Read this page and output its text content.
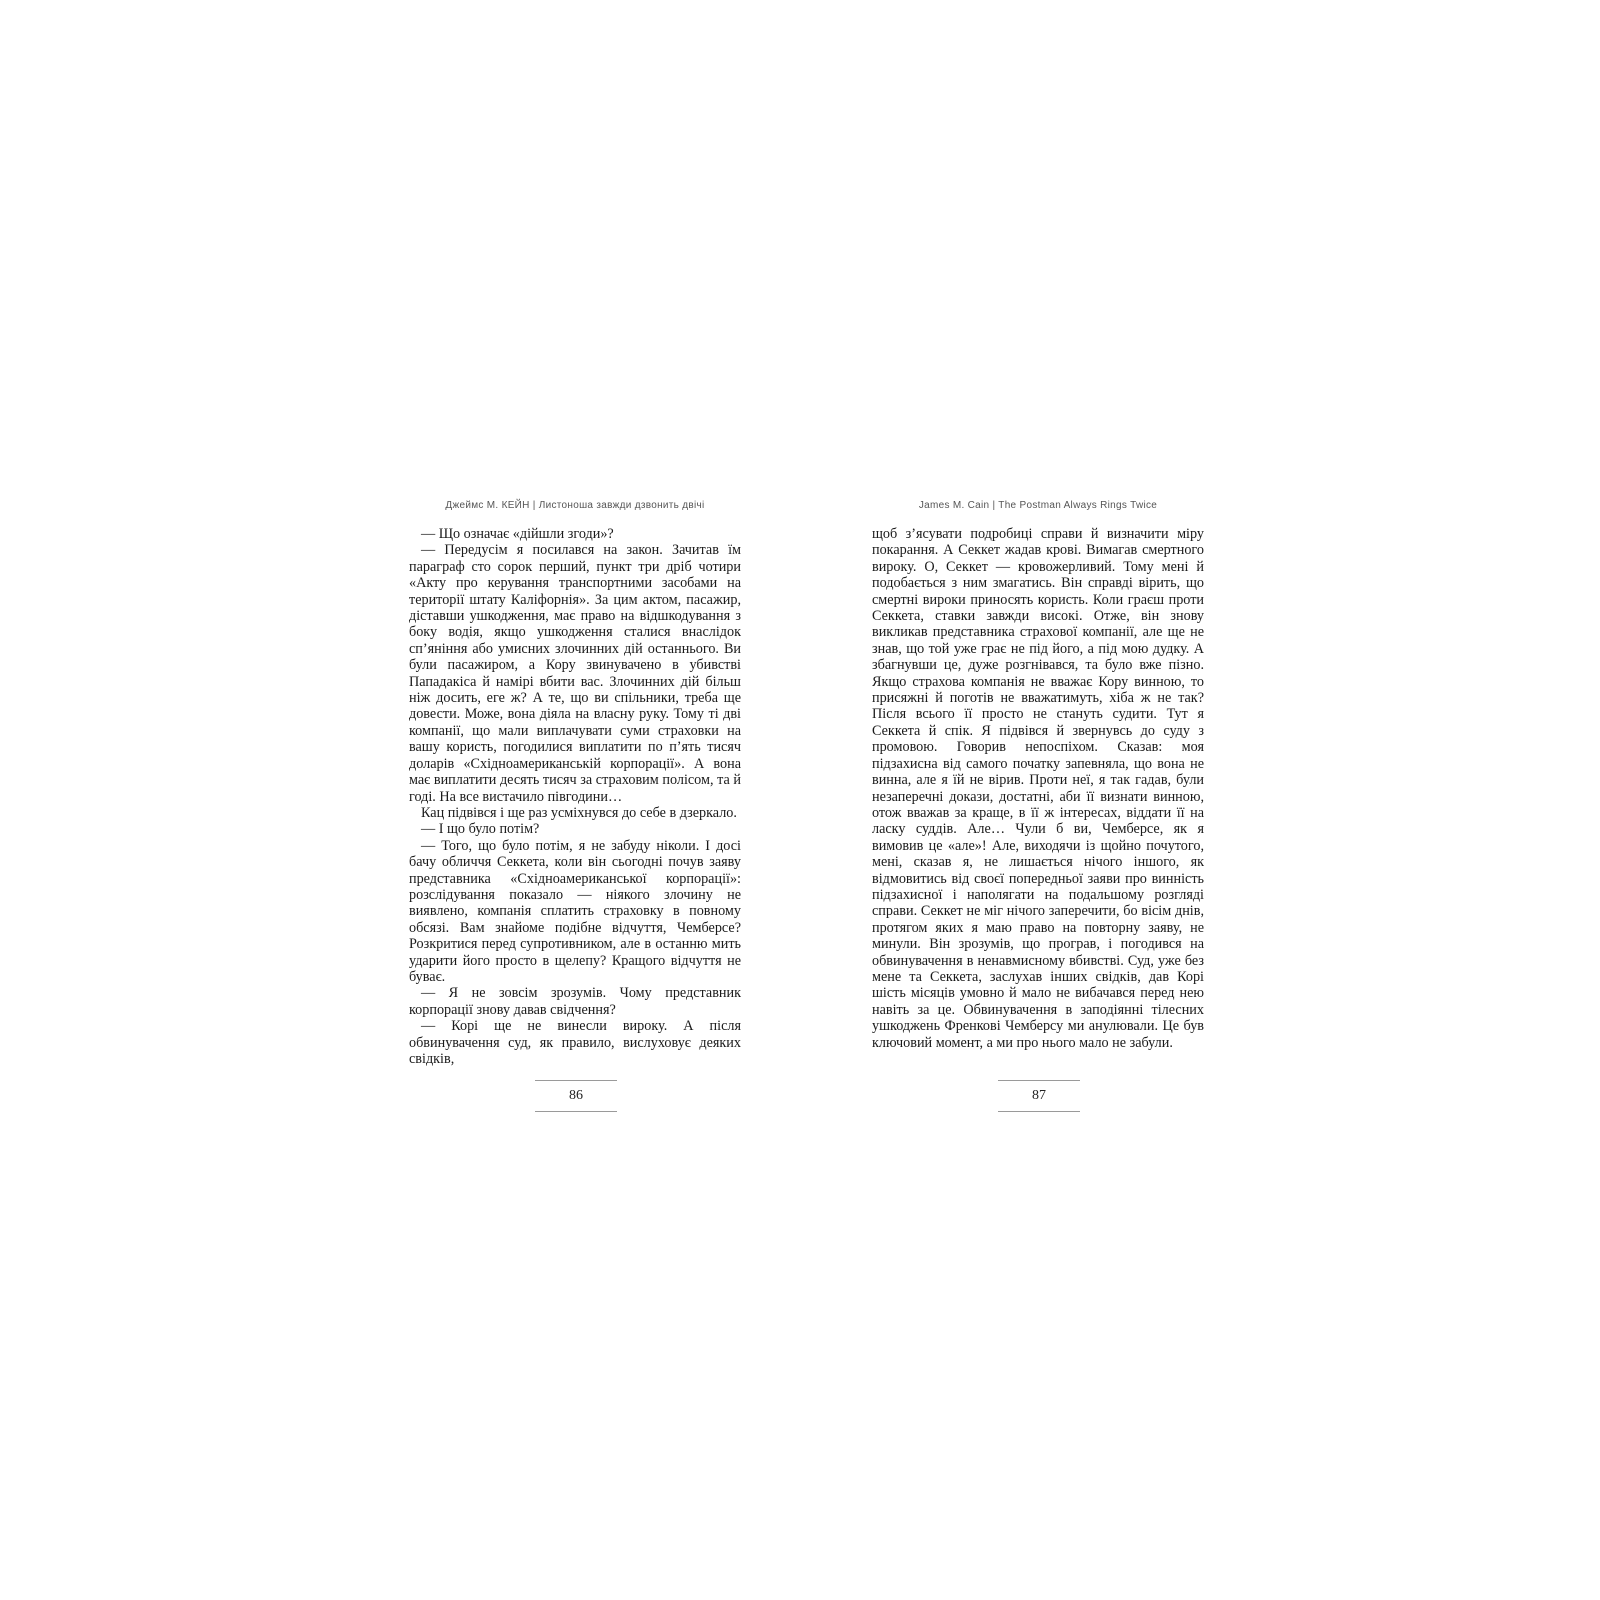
Джеймс М. КЕЙН | Листоноша завжди дзвонить двічі

— Що означає «дійшли згоди»?

— Передусім я посилався на закон. Зачитав їм параграф сто сорок перший, пункт три дріб чотири «Акту про керування транспортними засобами на території штату Каліфорнія». За цим актом, пасажир, діставши ушкодження, має право на відшкодування з боку водія, якщо ушкодження сталися внаслідок сп’яніння або умисних злочинних дій останнього. Ви були пасажиром, а Кору звинувачено в убивстві Пападакіса й намірі вбити вас. Злочинних дій більш ніж досить, еге ж? А те, що ви спільники, треба ще довести. Може, вона діяла на власну руку. Тому ті дві компанії, що мали виплачувати суми страховки на вашу користь, погодилися виплатити по п’ять тисяч доларів «Східноамериканській корпорації». А вона має виплатити десять тисяч за страховим полісом, та й годі. На все вистачило півгодини…

Кац підвівся і ще раз усміхнувся до себе в дзеркало.

— І що було потім?

— Того, що було потім, я не забуду ніколи. І досі бачу обличчя Секкета, коли він сьогодні почув заяву представника «Східноамериканської корпорації»: розслідування показало — ніякого злочину не виявлено, компанія сплатить страховку в повному обсязі. Вам знайоме подібне відчуття, Чемберсе? Розкритися перед супротивником, але в останню мить ударити його просто в щелепу? Кращого відчуття не буває.

— Я не зовсім зрозумів. Чому представник корпорації знову давав свідчення?

— Корі ще не винесли вироку. А після обвинувачення суд, як правило, вислуховує деяких свідків,

86
James M. Cain | The Postman Always Rings Twice

щоб з’ясувати подробиці справи й визначити міру покарання. А Секкет жадав крові. Вимагав смертного вироку. О, Секкет — кровожерливий. Тому мені й подобається з ним змагатись. Він справді вірить, що смертні вироки приносять користь. Коли граєш проти Секкета, ставки завжди високі. Отже, він знову викликав представника страхової компанії, але ще не знав, що той уже грає не під його, а під мою дудку. А збагнувши це, дуже розгнівався, та було вже пізно. Якщо страхова компанія не вважає Кору винною, то присяжні й поготів не вважатимуть, хіба ж не так? Після всього її просто не стануть судити. Тут я Секкета й спік. Я підвівся й звернувсь до суду з промовою. Говорив непоспіхом. Сказав: моя підзахисна від самого початку запевняла, що вона не винна, але я їй не вірив. Проти неї, я так гадав, були незаперечні докази, достатні, аби її визнати винною, отож вважав за краще, в її ж інтересах, віддати її на ласку суддів. Але… Чули б ви, Чемберсе, як я вимовив це «але»! Але, виходячи із щойно почутого, мені, сказав я, не лишається нічого іншого, як відмовитись від своєї попередньої заяви про винність підзахисної і наполягати на подальшому розгляді справи. Секкет не міг нічого заперечити, бо вісім днів, протягом яких я маю право на повторну заяву, не минули. Він зрозумів, що програв, і погодився на обвинувачення в ненавмисному вбивстві. Суд, уже без мене та Секкета, заслухав інших свідків, дав Корі шість місяців умовно й мало не вибачався перед нею навіть за це. Обвинувачення в заподіянні тілесних ушкоджень Френкові Чемберсу ми анулювали. Це був ключовий момент, а ми про нього мало не забули.

87
